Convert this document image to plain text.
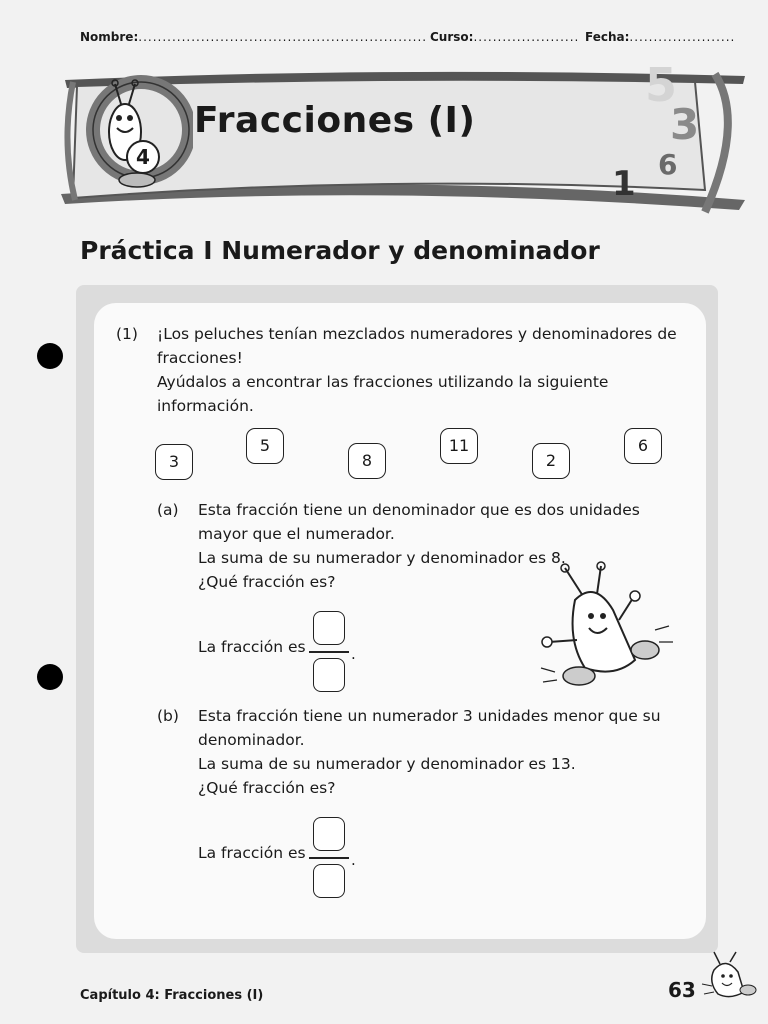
Nombre:............................................................ Curso:...................... Fecha:......................
4
Fracciones (I)
5
3
6
1
Práctica I Numerador y denominador
(1) ¡Los peluches tenían mezclados numeradores y denominadores de
fracciones!
Ayúdalos a encontrar las fracciones utilizando la siguiente
información.
3
5
8
11
2
6
(a) Esta fracción tiene un denominador que es dos unidades
mayor que el numerador.
La suma de su numerador y denominador es 8.
¿Qué fracción es?
La fracción es	.
(b) Esta fracción tiene un numerador 3 unidades menor que su
denominador.
La suma de su numerador y denominador es 13.
¿Qué fracción es?
La fracción es	.
Capítulo 4: Fracciones (I)	63
